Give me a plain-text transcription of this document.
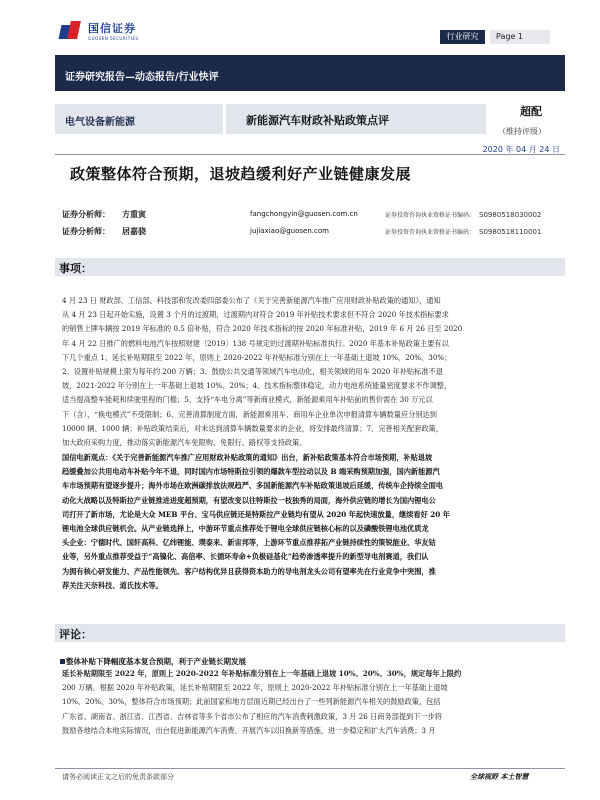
国信证券
GUOSEN SECURITIES	行业研究	Page 1
证券研究报告—动态报告/行业快评
电气设备新能源	新能源汽车财政补贴政策点评
超配
（维持评级）
2020 年 04 月 24 日
政策整体符合预期，退坡趋缓利好产业链健康发展
证券分析师： 方重寅	fangchongyin@guosen.com.cn	证券投资咨询执业资格证书编码： S0980518030002
证券分析师： 居嘉骁	jujiaxiao@guosen.com	证券投资咨询执业资格证书编码： S0980518110001
事项：
4 月 23 日 财政部、工信部、科技部和发改委四部委公布了《关于完善新能源汽车推广应用财政补贴政策的通知》，通知
从 4 月 23 日起开始实施，设置 3 个月的过渡期，过渡期内对符合 2019 年补贴技术要求但不符合 2020 年技术指标要求
的销售上牌车辆按 2019 年标准的 0.5 倍补贴，符合 2020 年技术指标的按 2020 年标准补贴，2019 年 6 月 26 日至 2020
年 4 月 22 日推广的燃料电池汽车按照财建〔2019〕138 号规定的过渡期补贴标准执行。2020 年基本补贴政策主要有以
下几个重点 1、延长补贴期限至 2022 年，原则上 2020-2022 年补贴标准分别在上一年基础上退坡 10%、20%、30%；
2、设置补贴规模上限为每年约 200 万辆；3、鼓励公共交通等领域汽车电动化，相关领域的用车 2020 年补贴标准不退
坡，2021-2022 年分别在上一年基础上退坡 10%、20%；4、技术指标整体稳定，动力电池系统能量密度要求不作调整，
适当提高整车能耗和续驶里程的门槛；5、支持“车电分离”等新商业模式，新能源乘用车补贴前的售价需在 30 万元以
下（含），“换电模式”不受限制；6、完善清算制度方面，新能源乘用车、商用车企业单次申报清算车辆数量应分别达到
10000 辆、1000 辆；补贴政策结束后，对未达到清算车辆数量要求的企业，将安排最终清算；7、完善相关配套政策，
加大政府采购力度，推动落实新能源汽车免限购、免限行、路权等支持政策。
国信电新观点：《关于完善新能源汽车推广应用财政补贴政策的通知》出台，新补贴政策基本符合市场预期，补贴退坡
趋缓叠加公共用电动车补贴今年不退，同时国内市场特斯拉引领的爆款车型拉动以及 B 端采购预期加强，国内新能源汽
车市场预期有望逐步提升；海外市场在欧洲碳排放法规趋严、多国新能源汽车补贴政策退坡后延缓，传统车企持续全面电
动化大战略以及特斯拉产业链推进进度超预期，有望改变以往特斯拉一枝独秀的局面，海外供应链的增长为国内锂电公
司打开了新市场，尤论是大众 MEB 平台、宝马供应链还是特斯拉产业链均有望从 2020 年起快速放量，继续看好 20 年
锂电池全球供应链机会。从产业链选择上，中游环节重点推荐处于锂电全球供应链核心标的以及磷酸铁锂电池优质龙
头企业：宁德时代、国轩高科、亿纬锂能、璞泰来、新宙邦等，上游环节重点推荐拓产业链持续性的策锐能业、华友钴
业等，另外重点推荐受益于“高镍化、高倍率、长循环寿命+负极硅基化”趋势渗透率提升的新型导电剂赛道，我们认
为拥有核心研发能力、产品性能领先、客户结构优异且获得资本助力的导电剂龙头公司有望率先在行业竞争中突围，推
荐关注天奈科技、道氏技术等。
评论：
整体补贴下降幅度基本复合预期，利于产业链长期发展
延长补贴期限至 2022 年，原则上 2020-2022 年补贴标准分别在上一年基础上退坡 10%、20%、30%，规定每年上限约
200 万辆。根据 2020 年补贴政策，延长补贴期限至 2022 年，原则上 2020-2022 年补贴标准分别在上一年基础上退坡
10%、20%、30%，整体符合市场预期；此前国家和地方层面近期已经出台了一些列新能源汽车相关的鼓励政策，包括
广东省、湖南省、浙江省、江西省、吉林省等多个省市公布了相应的汽车消费刺激政策，3 月 26 日商务部提到下一步将
鼓励各地结合本地实际情况，出台促进新能源汽车消费、开展汽车以旧换新等措施，进一步稳定和扩大汽车消费；3 月
请务必阅读正文之后的免责条款部分	全球视野 本土智慧
